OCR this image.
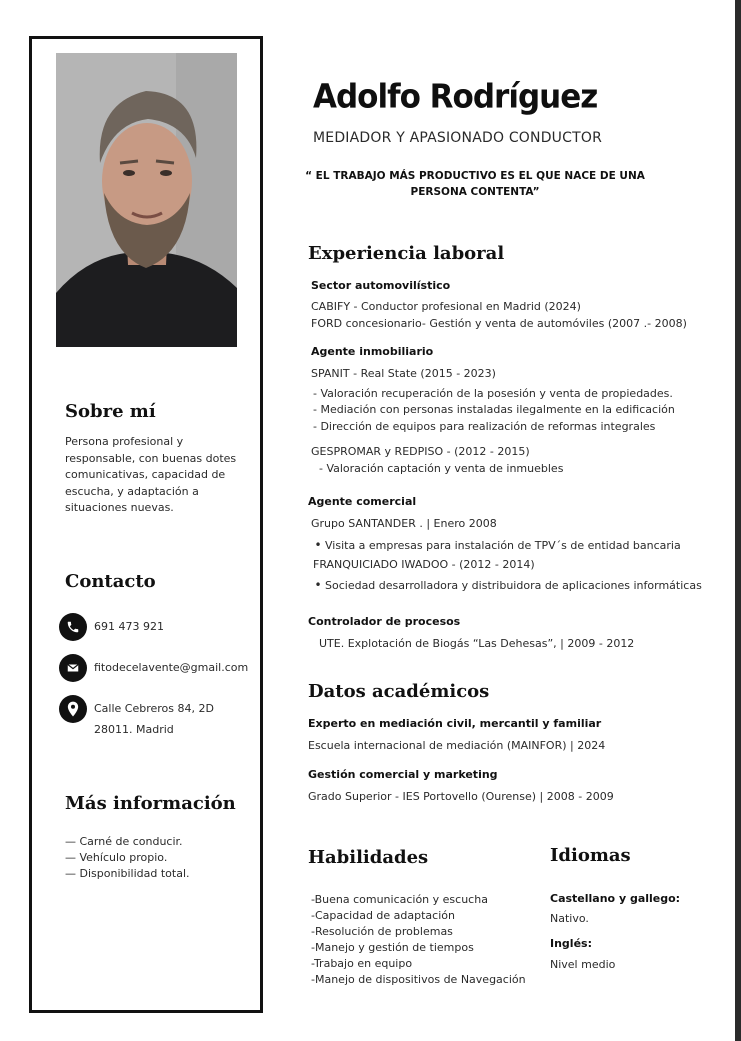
Sobre mí
Persona profesional y responsable, con buenas dotes comunicativas, capacidad de escucha, y adaptación a situaciones nuevas.
Contacto
691 473 921
fitodecelavente@gmail.com
Calle Cebreros 84, 2D
28011. Madrid
Más información
— Carné de conducir.
— Vehículo propio.
— Disponibilidad total.
Adolfo Rodríguez
MEDIADOR Y APASIONADO CONDUCTOR
“ EL TRABAJO MÁS PRODUCTIVO ES EL QUE NACE DE UNA PERSONA CONTENTA”
Experiencia laboral
Sector automovilístico
CABIFY - Conductor profesional en Madrid (2024)
FORD concesionario- Gestión y venta de automóviles (2007 .- 2008)
Agente inmobiliario
SPANIT - Real State (2015 - 2023)
- Valoración recuperación de la posesión y venta de propiedades.
- Mediación con personas instaladas ilegalmente en la edificación
- Dirección de equipos para realización de reformas integrales
GESPROMAR y REDPISO - (2012 - 2015)
- Valoración captación y venta de inmuebles
Agente comercial
Grupo SANTANDER . | Enero 2008
• Visita a empresas para instalación de TPV´s de entidad bancaria
FRANQUICIADO IWADOO - (2012 - 2014)
• Sociedad desarrolladora y distribuidora de aplicaciones informáticas
Controlador de procesos
UTE. Explotación de Biogás “Las Dehesas”, | 2009 - 2012
Datos académicos
Experto en mediación civil, mercantil y familiar
Escuela internacional de mediación (MAINFOR) | 2024
Gestión comercial y marketing
Grado Superior - IES Portovello (Ourense) | 2008 - 2009
Habilidades
-Buena comunicación y escucha
-Capacidad de adaptación
-Resolución de problemas
-Manejo y gestión de tiempos
-Trabajo en equipo
-Manejo de dispositivos de Navegación
Idiomas
Castellano y gallego:
Nativo.
Inglés:
Nivel medio
